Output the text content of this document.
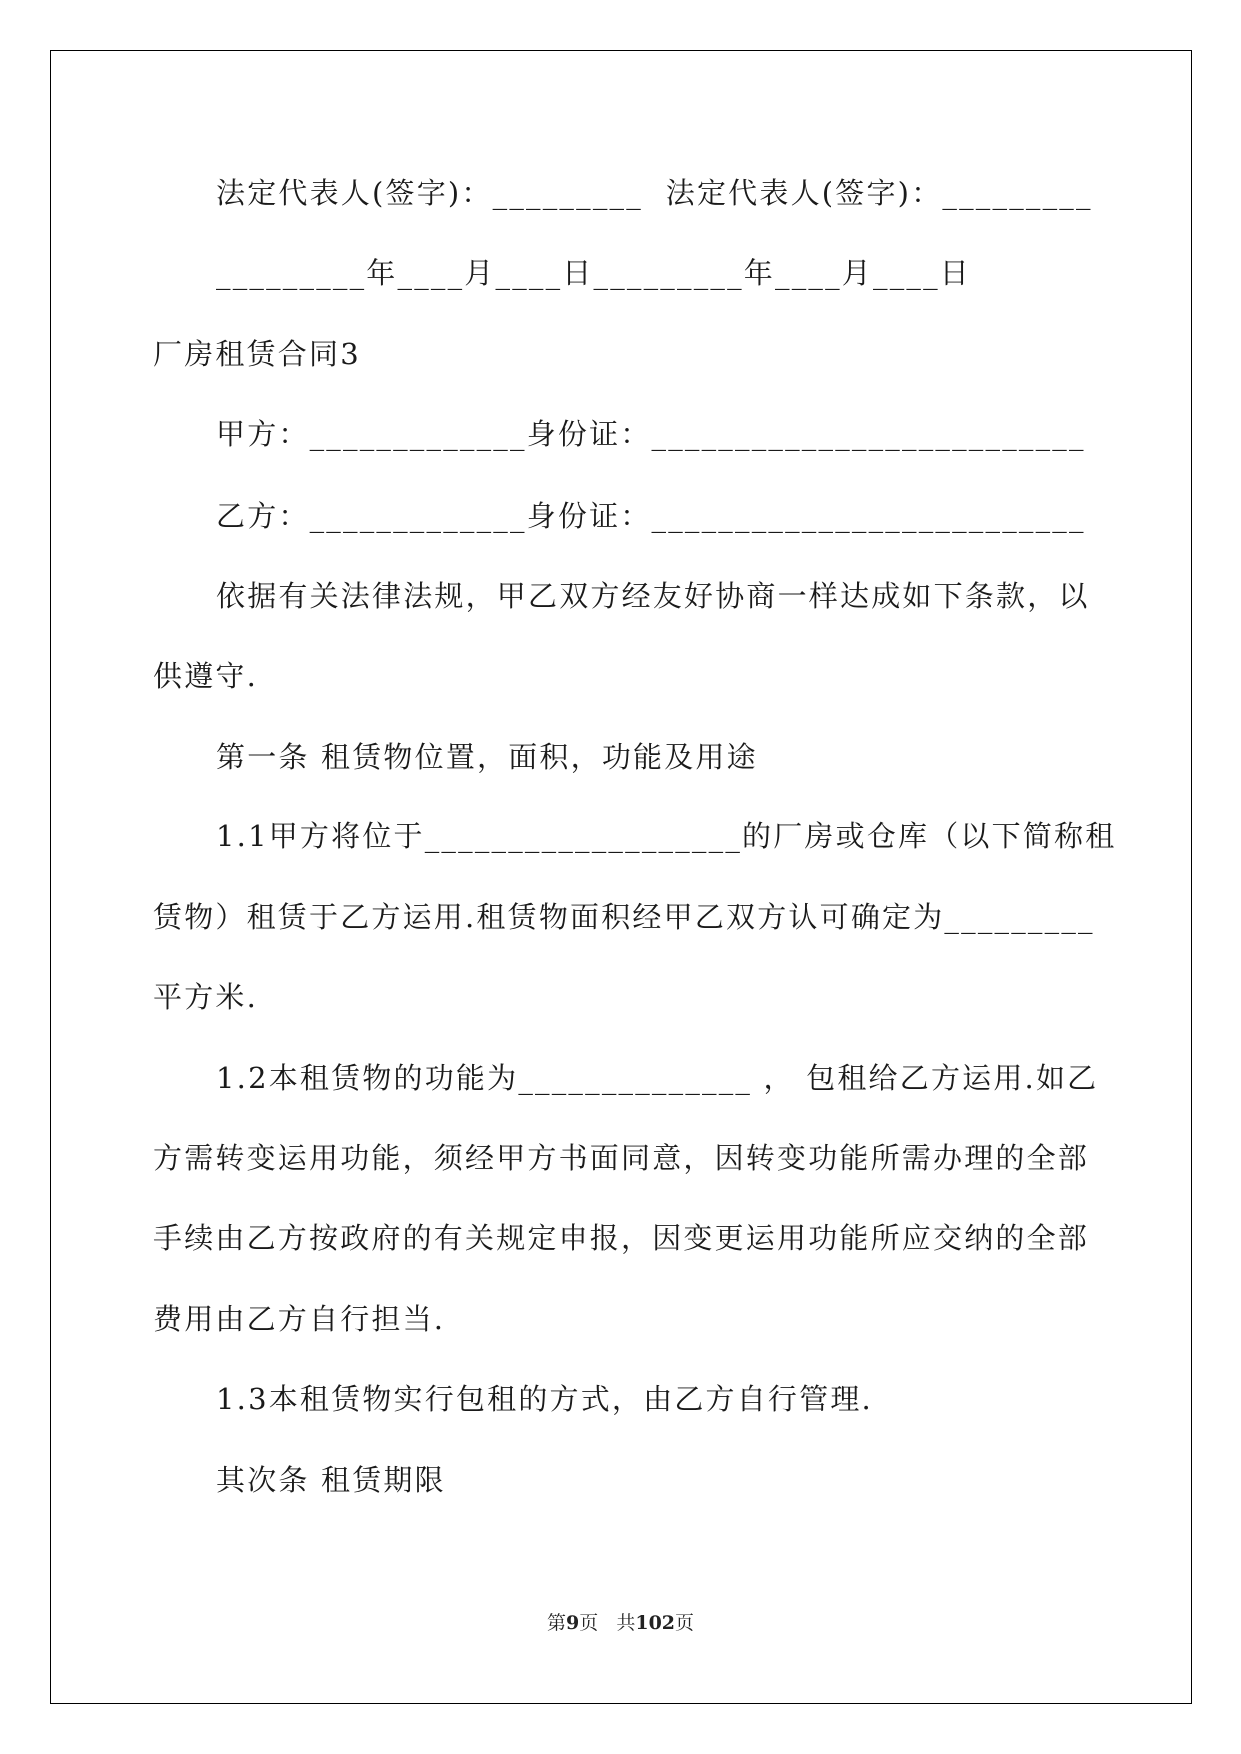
法定代表人(签字)：_________  法定代表人(签字)：_________
_________年____月____日_________年____月____日
厂房租赁合同3
甲方：_____________身份证：__________________________
乙方：_____________身份证：__________________________
依据有关法律法规，甲乙双方经友好协商一样达成如下条款，以
供遵守.
第一条 租赁物位置，面积，功能及用途
1.1甲方将位于___________________的厂房或仓库（以下简称租
赁物）租赁于乙方运用.租赁物面积经甲乙双方认可确定为_________
平方米.
1.2本租赁物的功能为______________ ， 包租给乙方运用.如乙
方需转变运用功能，须经甲方书面同意，因转变功能所需办理的全部
手续由乙方按政府的有关规定申报，因变更运用功能所应交纳的全部
费用由乙方自行担当.
1.3本租赁物实行包租的方式，由乙方自行管理.
其次条 租赁期限
第9页   共102页
